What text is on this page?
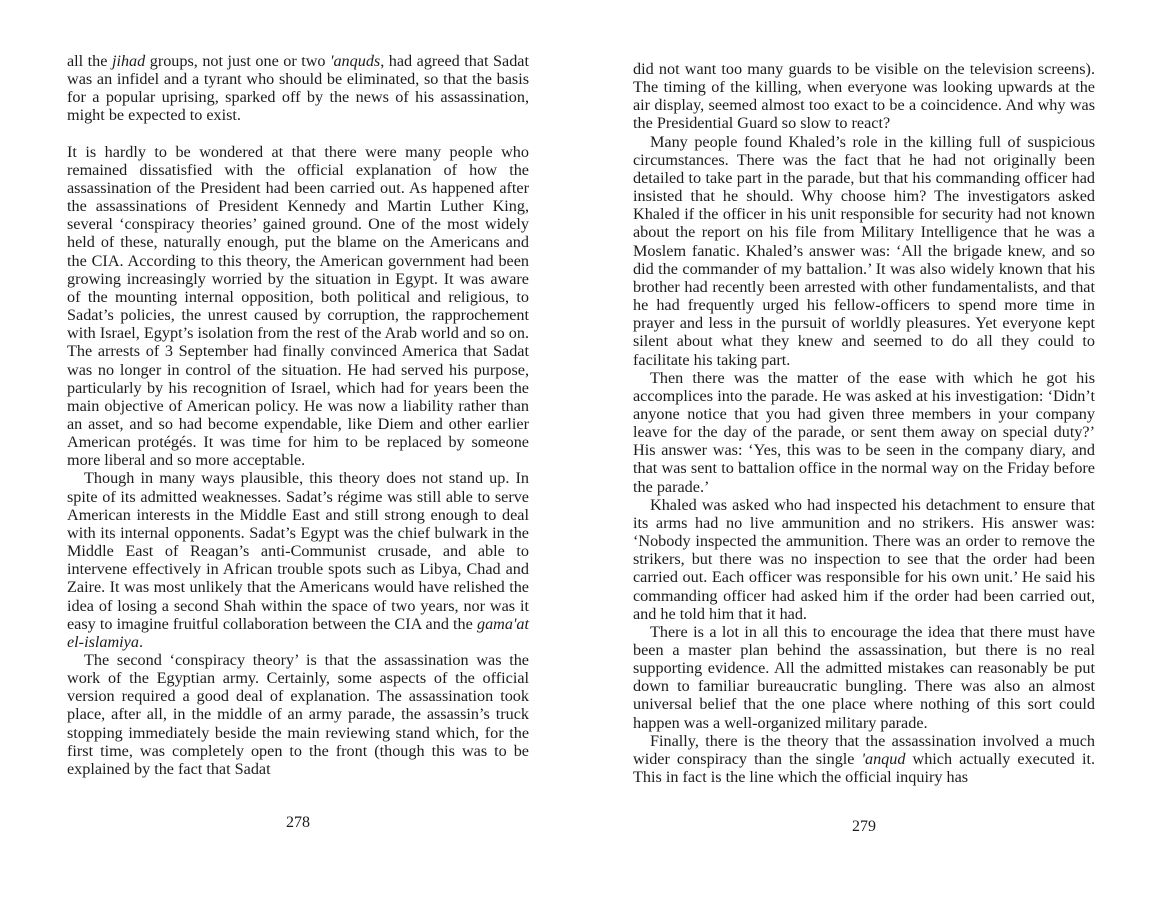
all the jihad groups, not just one or two 'anquds, had agreed that Sadat was an infidel and a tyrant who should be eliminated, so that the basis for a popular uprising, sparked off by the news of his assassination, might be expected to exist.

It is hardly to be wondered at that there were many people who remained dissatisfied with the official explanation of how the assassination of the President had been carried out. As happened after the assassinations of President Kennedy and Martin Luther King, several ‘conspiracy theories’ gained ground. One of the most widely held of these, naturally enough, put the blame on the Americans and the CIA. According to this theory, the American government had been growing increasingly worried by the situation in Egypt. It was aware of the mounting internal opposition, both political and religious, to Sadat’s policies, the unrest caused by corruption, the rapprochement with Israel, Egypt’s isolation from the rest of the Arab world and so on. The arrests of 3 September had finally convinced America that Sadat was no longer in control of the situation. He had served his purpose, particularly by his recognition of Israel, which had for years been the main objective of American policy. He was now a liability rather than an asset, and so had become expendable, like Diem and other earlier American protégés. It was time for him to be replaced by someone more liberal and so more acceptable.

Though in many ways plausible, this theory does not stand up. In spite of its admitted weaknesses. Sadat’s régime was still able to serve American interests in the Middle East and still strong enough to deal with its internal opponents. Sadat’s Egypt was the chief bulwark in the Middle East of Reagan’s anti-Communist crusade, and able to intervene effectively in African trouble spots such as Libya, Chad and Zaire. It was most unlikely that the Americans would have relished the idea of losing a second Shah within the space of two years, nor was it easy to imagine fruitful collaboration between the CIA and the gama'at el-islamiya.

The second ‘conspiracy theory’ is that the assassination was the work of the Egyptian army. Certainly, some aspects of the official version required a good deal of explanation. The assassination took place, after all, in the middle of an army parade, the assassin’s truck stopping immediately beside the main reviewing stand which, for the first time, was completely open to the front (though this was to be explained by the fact that Sadat

278

did not want too many guards to be visible on the television screens). The timing of the killing, when everyone was looking upwards at the air display, seemed almost too exact to be a coincidence. And why was the Presidential Guard so slow to react?

Many people found Khaled’s role in the killing full of suspicious circumstances. There was the fact that he had not originally been detailed to take part in the parade, but that his commanding officer had insisted that he should. Why choose him? The investigators asked Khaled if the officer in his unit responsible for security had not known about the report on his file from Military Intelligence that he was a Moslem fanatic. Khaled’s answer was: ‘All the brigade knew, and so did the commander of my battalion.’ It was also widely known that his brother had recently been arrested with other fundamentalists, and that he had frequently urged his fellow-officers to spend more time in prayer and less in the pursuit of worldly pleasures. Yet everyone kept silent about what they knew and seemed to do all they could to facilitate his taking part.

Then there was the matter of the ease with which he got his accomplices into the parade. He was asked at his investigation: ‘Didn’t anyone notice that you had given three members in your company leave for the day of the parade, or sent them away on special duty?’ His answer was: ‘Yes, this was to be seen in the company diary, and that was sent to battalion office in the normal way on the Friday before the parade.’

Khaled was asked who had inspected his detachment to ensure that its arms had no live ammunition and no strikers. His answer was: ‘Nobody inspected the ammunition. There was an order to remove the strikers, but there was no inspection to see that the order had been carried out. Each officer was responsible for his own unit.’ He said his commanding officer had asked him if the order had been carried out, and he told him that it had.

There is a lot in all this to encourage the idea that there must have been a master plan behind the assassination, but there is no real supporting evidence. All the admitted mistakes can reasonably be put down to familiar bureaucratic bungling. There was also an almost universal belief that the one place where nothing of this sort could happen was a well-organized military parade.

Finally, there is the theory that the assassination involved a much wider conspiracy than the single 'anqud which actually executed it. This in fact is the line which the official inquiry has

279
